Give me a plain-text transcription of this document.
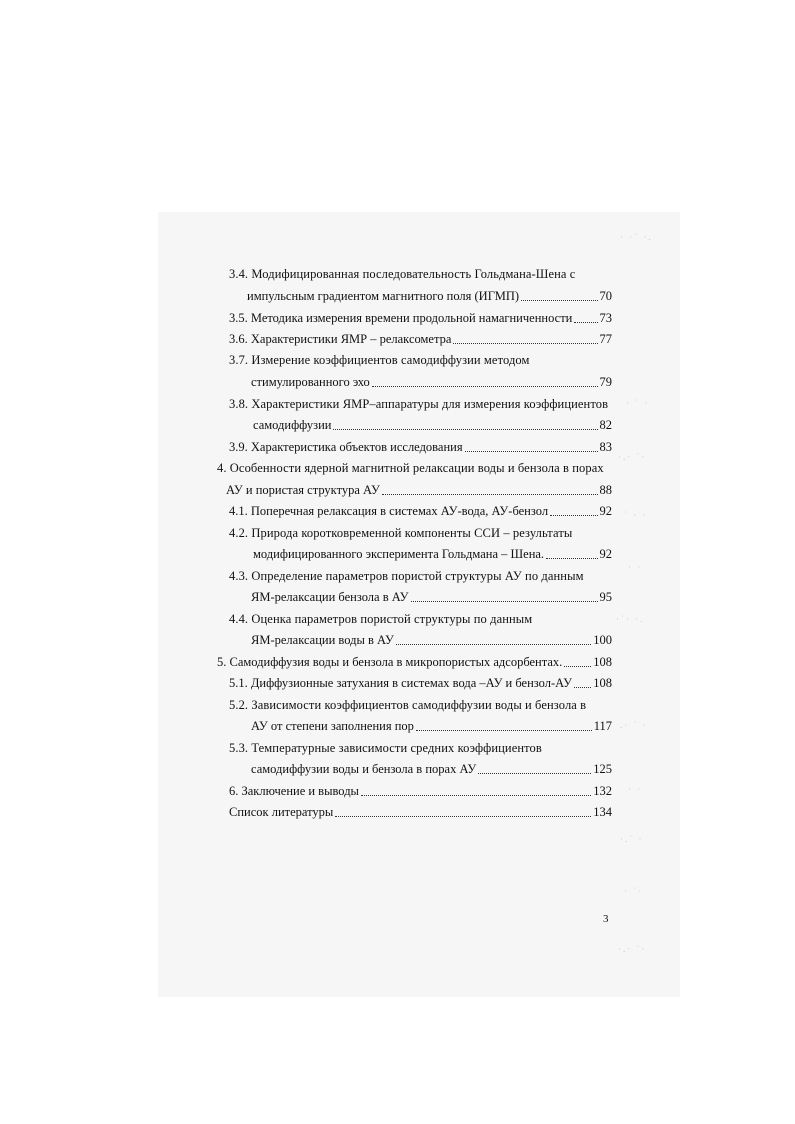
3.4. Модифицированная последовательность Гольдмана-Шена с
импульсным градиентом магнитного поля (ИГМП)	70
3.5. Методика измерения времени продольной намагниченности 73
3.6. Характеристики ЯМР – релаксометра	77
3.7. Измерение коэффициентов самодиффузии методом
стимулированного эхо	79
3.8. Характеристики ЯМР–аппаратуры для измерения коэффициентов
самодиффузии	82
3.9. Характеристика объектов исследования	83
4. Особенности ядерной магнитной релаксации воды и бензола в порах
АУ и пористая структура АУ	88
4.1. Поперечная релаксация в системах АУ-вода, АУ-бензол	92
4.2. Природа коротковременной компоненты ССИ – результаты
модифицированного эксперимента Гольдмана – Шена.	92
4.3. Определение параметров пористой структуры АУ по данным
ЯМ-релаксации бензола в АУ	95
4.4. Оценка параметров пористой структуры по данным
ЯМ-релаксации воды в АУ	100
5. Самодиффузия воды и бензола в микропористых адсорбентах. 108
5.1. Диффузионные затухания в системах вода –АУ и бензол-АУ 108
5.2. Зависимости коэффициентов самодиффузии воды и бензола в
АУ от степени заполнения пор	117
5.3. Температурные зависимости средних коэффициентов
самодиффузии воды и бензола в порах АУ	125
6. Заключение и выводы	132
Список литературы	134
3
· ·˙ ·.
· ˙ ·
·.· ˙·
˙ · ·
· ·
·˙· ·.
.· ˙ ·
· ·
·.˙ ·
· ˙·
·.· ˙·
